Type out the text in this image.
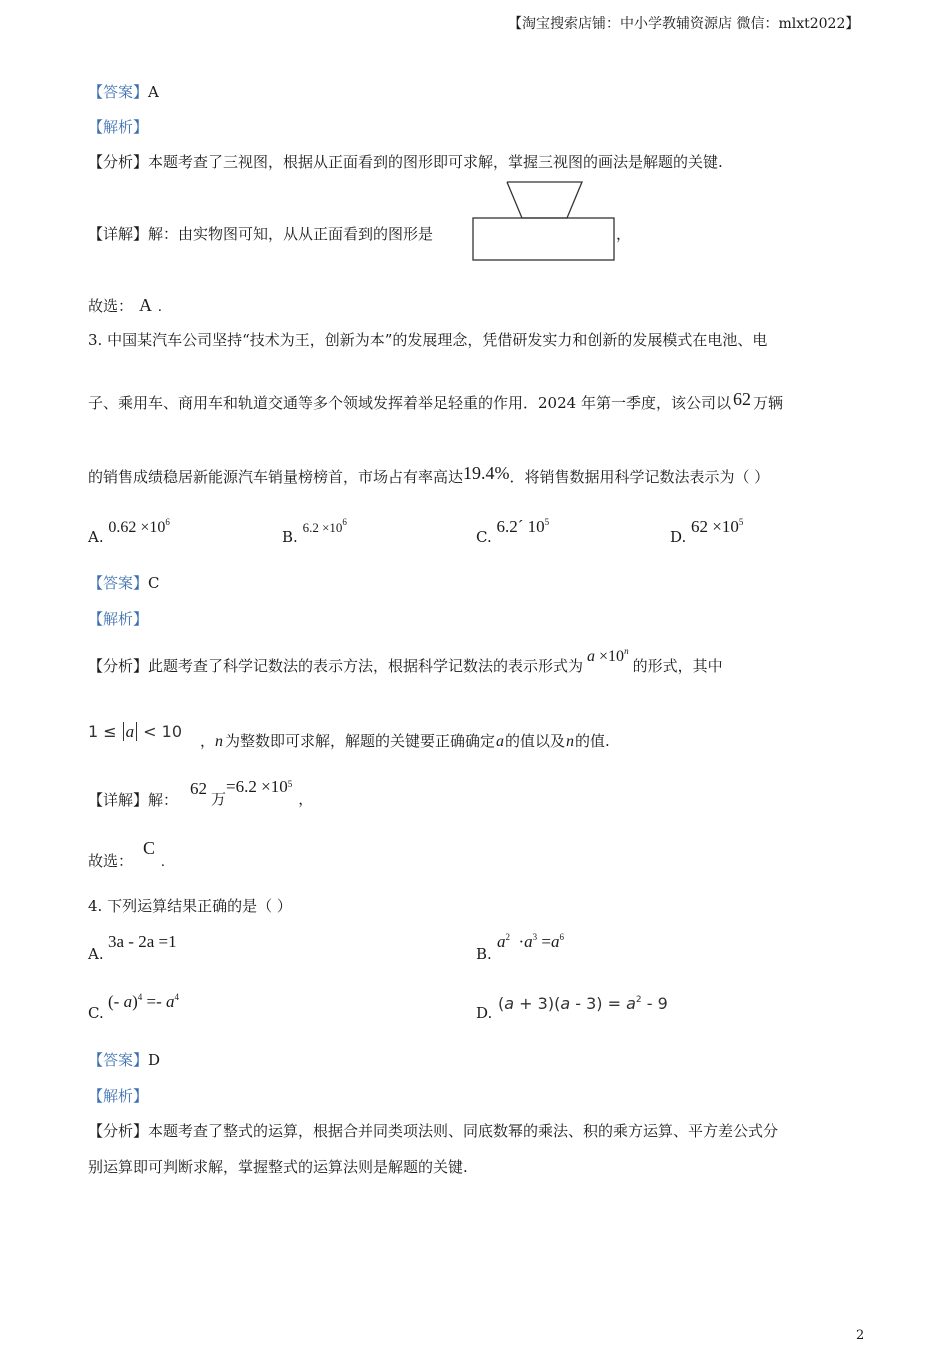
【淘宝搜索店铺：中小学教辅资源店 微信：mlxt2022】
【答案】A
【解析】
【分析】本题考查了三视图，根据从正面看到的图形即可求解，掌握三视图的画法是解题的关键.
【详解】解：由实物图可知，从从正面看到的图形是	，
故选： A .
3. 中国某汽车公司坚持“技术为王，创新为本”的发展理念，凭借研发实力和创新的发展模式在电池、电
子、乘用车、商用车和轨道交通等多个领域发挥着举足轻重的作用．2024 年第一季度，该公司以 62 万辆
的销售成绩稳居新能源汽车销量榜榜首，市场占有率高达19.4%．将销售数据用科学记数法表示为（ ）
A. $0.62 \times 10^6$
B. $6.2 \times 10^6$
C. 6.2´ $10^5$
D. $62 \times 10^5$
【答案】C
【解析】
【分析】此题考查了科学记数法的表示方法，根据科学记数法的表示形式为$a \times 10^n$的形式，其中
1 ≤ a < 10 ，n 为整数即可求解，解题的关键要正确确定a的值以及n的值.
【详解】解：
62万$=6.2 \times 10^5$，
故选：C.
4. 下列运算结果正确的是（ ）
A.
3a - 2a =1
B.
$a^2 \cdot a^3 =a^6$
C.
(- $a)^4 =- a^4$
D. $(a + 3)(a - 3) = a^2 - 9$
【答案】D
【解析】
【分析】本题考查了整式的运算，根据合并同类项法则、同底数幂的乘法、积的乘方运算、平方差公式分
别运算即可判断求解，掌握整式的运算法则是解题的关键.
2
